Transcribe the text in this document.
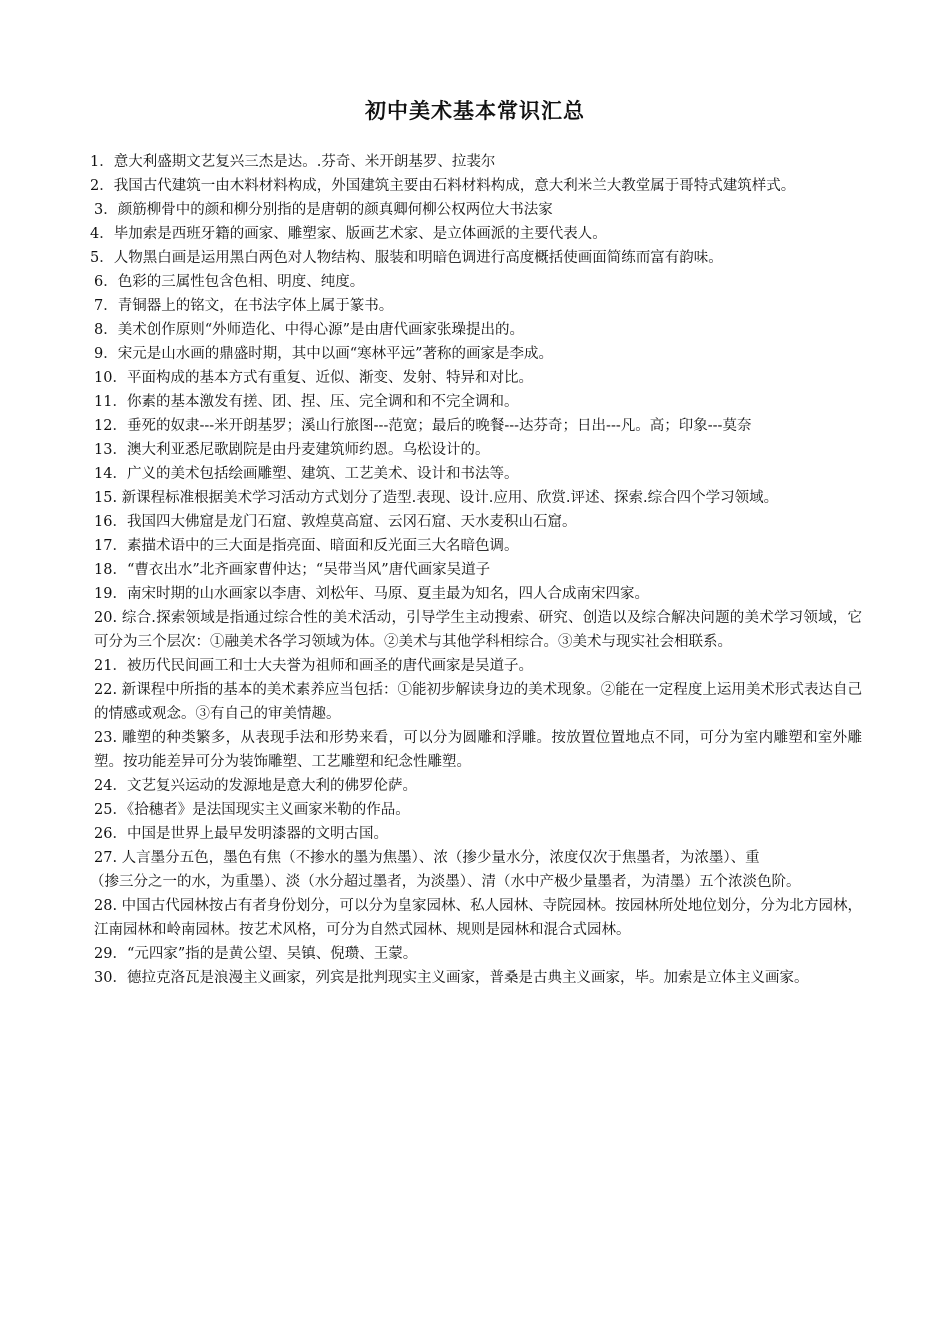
初中美术基本常识汇总

1．意大利盛期文艺复兴三杰是达。.芬奇、米开朗基罗、拉裴尔

2．我国古代建筑一由木料材料构成，外国建筑主要由石料材料构成，意大利米兰大教堂属于哥特式建筑样式。

3．颜筋柳骨中的颜和柳分别指的是唐朝的颜真卿何柳公权两位大书法家

4．毕加索是西班牙籍的画家、雕塑家、版画艺术家、是立体画派的主要代表人。

5．人物黑白画是运用黑白两色对人物结构、服装和明暗色调进行高度概括使画面简练而富有韵味。

6．色彩的三属性包含色相、明度、纯度。

7．青铜器上的铭文，在书法字体上属于篆书。

8．美术创作原则“外师造化、中得心源”是由唐代画家张璪提出的。

9．宋元是山水画的鼎盛时期，其中以画“寒林平远”著称的画家是李成。

10．平面构成的基本方式有重复、近似、渐变、发射、特异和对比。

11．你素的基本激发有搓、团、捏、压、完全调和和不完全调和。

12．垂死的奴隶---米开朗基罗；溪山行旅图---范宽；最后的晚餐---达芬奇；日出---凡。高；印象---莫奈

13．澳大利亚悉尼歌剧院是由丹麦建筑师约恩。乌松设计的。

14．广义的美术包括绘画雕塑、建筑、工艺美术、设计和书法等。

15. 新课程标准根据美术学习活动方式划分了造型.表现、设计.应用、欣赏.评述、探索.综合四个学习领域。

16．我国四大佛窟是龙门石窟、敦煌莫高窟、云冈石窟、天水麦积山石窟。

17．素描术语中的三大面是指亮面、暗面和反光面三大名暗色调。

18．“曹衣出水”北齐画家曹仲达；“吴带当风”唐代画家吴道子

19．南宋时期的山水画家以李唐、刘松年、马原、夏圭最为知名，四人合成南宋四家。

20. 综合.探索领域是指通过综合性的美术活动，引导学生主动搜索、研究、创造以及综合解决问题的美术学习领域，它可分为三个层次：①融美术各学习领域为体。②美术与其他学科相综合。③美术与现实社会相联系。

21．被历代民间画工和士大夫誉为祖师和画圣的唐代画家是吴道子。

22. 新课程中所指的基本的美术素养应当包括：①能初步解读身边的美术现象。②能在一定程度上运用美术形式表达自己的情感或观念。③有自己的审美情趣。

23. 雕塑的种类繁多，从表现手法和形势来看，可以分为圆雕和浮雕。按放置位置地点不同，可分为室内雕塑和室外雕塑。按功能差异可分为装饰雕塑、工艺雕塑和纪念性雕塑。

24．文艺复兴运动的发源地是意大利的佛罗伦萨。

25．《拾穗者》是法国现实主义画家米勒的作品。

26．中国是世界上最早发明漆器的文明古国。

27. 人言墨分五色，墨色有焦（不掺水的墨为焦墨）、浓（掺少量水分，浓度仅次于焦墨者，为浓墨）、重

（掺三分之一的水，为重墨）、淡（水分超过墨者，为淡墨）、清（水中产极少量墨者，为清墨）五个浓淡色阶。

28. 中国古代园林按占有者身份划分，可以分为皇家园林、私人园林、寺院园林。按园林所处地位划分，分为北方园林，江南园林和岭南园林。按艺术风格，可分为自然式园林、规则是园林和混合式园林。

29．“元四家”指的是黄公望、吴镇、倪瓒、王蒙。

30．德拉克洛瓦是浪漫主义画家，列宾是批判现实主义画家，普桑是古典主义画家，毕。加索是立体主义画家。
